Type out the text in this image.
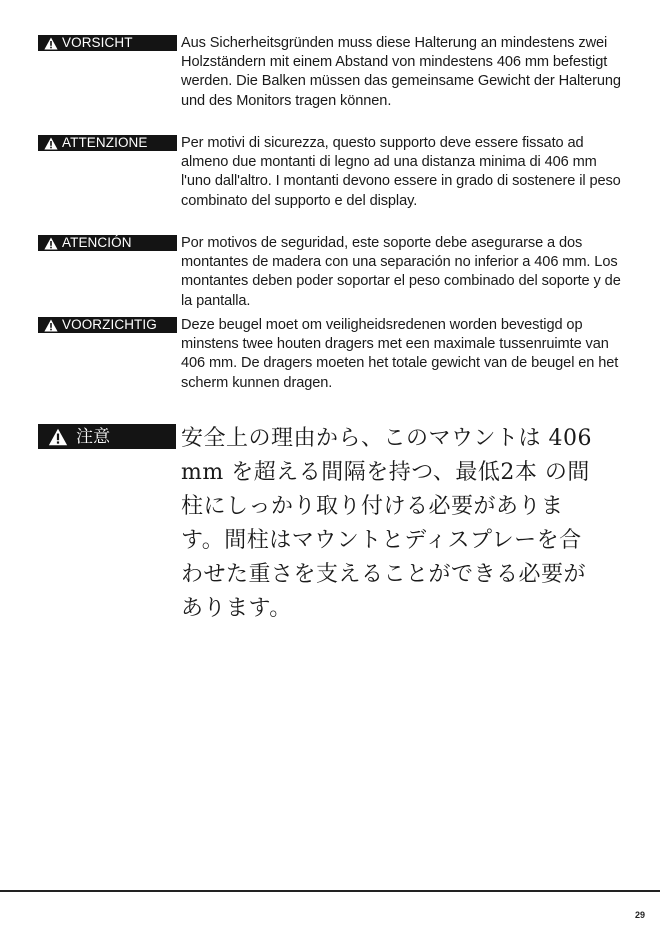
VORSICHT	Aus Sicherheitsgründen muss diese Halterung an mindestens zwei Holzständern mit einem Abstand von mindestens 406 mm befestigt werden. Die Balken müssen das gemeinsame Gewicht der Halterung und des Monitors tragen können.
ATTENZIONE Per motivi di sicurezza, questo supporto deve essere fissato ad almeno due montanti di legno ad una distanza minima di 406 mm l'uno dall'altro. I montanti devono essere in grado di sostenere il peso combinato del supporto e del display.
ATENCIÓN	Por motivos de seguridad, este soporte debe asegurarse a dos montantes de madera con una separación no inferior a 406 mm. Los montantes deben poder soportar el peso combinado del soporte y de la pantalla.
VOORZICHTIG Deze beugel moet om veiligheidsredenen worden bevestigd op minstens twee houten dragers met een maximale tussenruimte van 406 mm. De dragers moeten het totale gewicht van de beugel en het scherm kunnen dragen.
注意	安全上の理由から、このマウントは 406 mm を超える間隔を持つ、最低2本 の間柱にしっかり取り付ける必要があります。間柱はマウントとディスプレーを合わせた重さを支えることができる必要があります。
29
